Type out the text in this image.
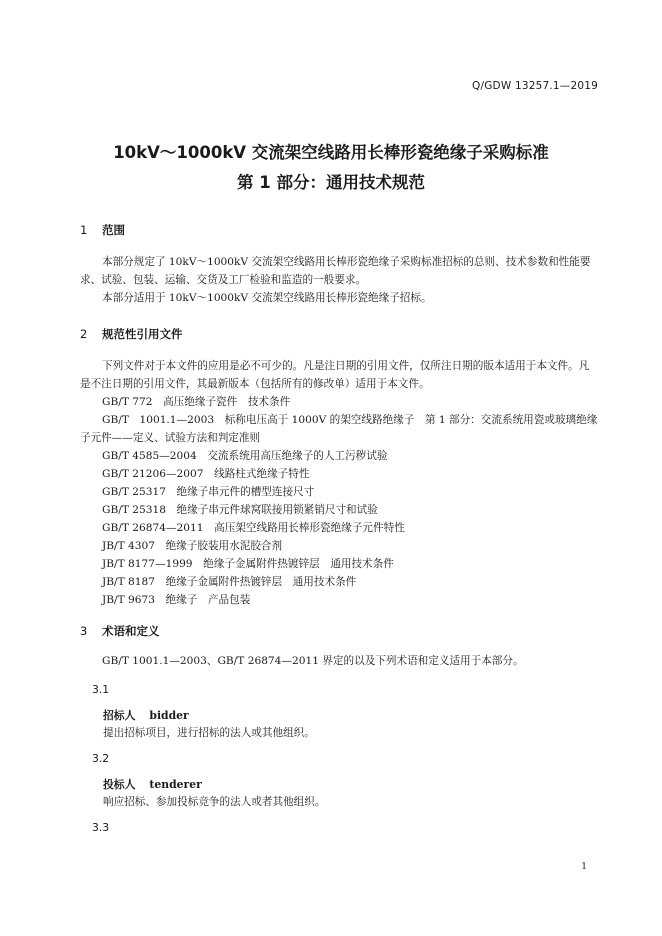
Q/GDW 13257.1—2019

10kV～1000kV 交流架空线路用长棒形瓷绝缘子采购标准

第 1 部分：通用技术规范

1 范围

本部分规定了 10kV～1000kV 交流架空线路用长棒形瓷绝缘子采购标准招标的总则、技术参数和性能要求、试验、包装、运输、交货及工厂检验和监造的一般要求。

本部分适用于 10kV～1000kV 交流架空线路用长棒形瓷绝缘子招标。

2 规范性引用文件

下列文件对于本文件的应用是必不可少的。凡是注日期的引用文件，仅所注日期的版本适用于本文件。凡是不注日期的引用文件，其最新版本（包括所有的修改单）适用于本文件。

GB/T 772　高压绝缘子瓷件　技术条件

GB/T　1001.1—2003　标称电压高于 1000V 的架空线路绝缘子　第 1 部分：交流系统用瓷或玻璃绝缘子元件——定义、试验方法和判定准则

GB/T 4585—2004　交流系统用高压绝缘子的人工污秽试验

GB/T 21206—2007　线路柱式绝缘子特性

GB/T 25317　绝缘子串元件的槽型连接尺寸

GB/T 25318　绝缘子串元件球窝联接用锁紧销尺寸和试验

GB/T 26874—2011　高压架空线路用长棒形瓷绝缘子元件特性

JB/T 4307　绝缘子胶装用水泥胶合剂

JB/T 8177—1999　绝缘子金属附件热镀锌层　通用技术条件

JB/T 8187　绝缘子金属附件热镀锌层　通用技术条件

JB/T 9673　绝缘子　产品包装

3 术语和定义

GB/T 1001.1—2003、GB/T 26874—2011 界定的以及下列术语和定义适用于本部分。

3.1
招标人 bidder
提出招标项目，进行招标的法人或其他组织。
3.2
投标人 tenderer
响应招标、参加投标竞争的法人或者其他组织。
3.3
1
